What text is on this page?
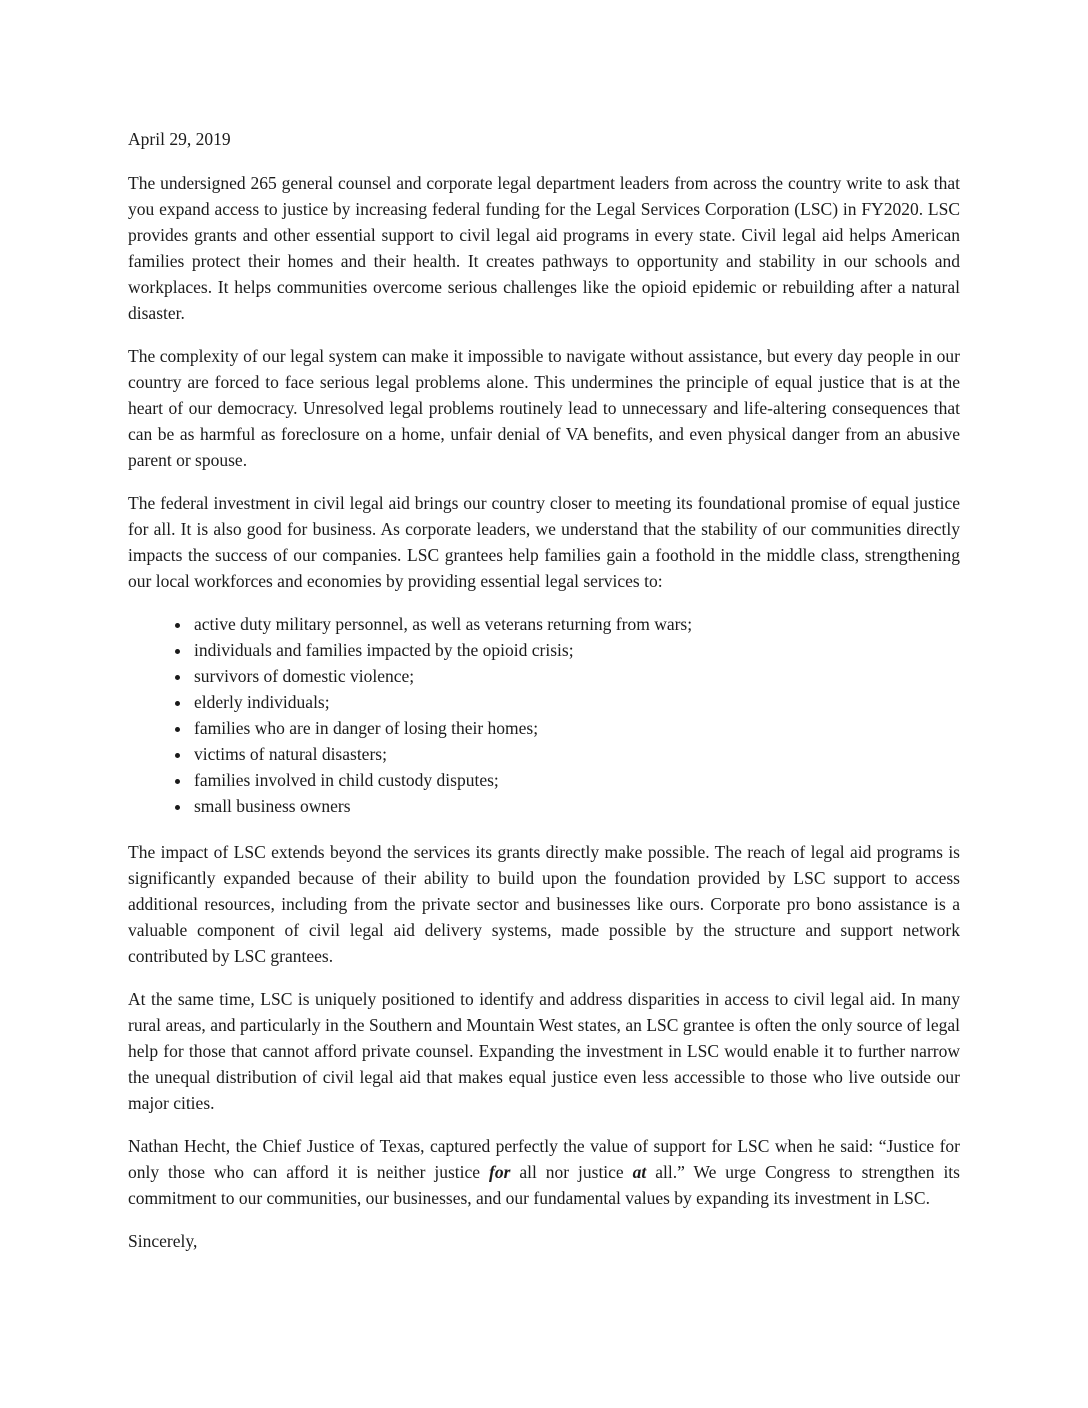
April 29, 2019

The undersigned 265 general counsel and corporate legal department leaders from across the country write to ask that you expand access to justice by increasing federal funding for the Legal Services Corporation (LSC) in FY2020. LSC provides grants and other essential support to civil legal aid programs in every state. Civil legal aid helps American families protect their homes and their health. It creates pathways to opportunity and stability in our schools and workplaces. It helps communities overcome serious challenges like the opioid epidemic or rebuilding after a natural disaster.

The complexity of our legal system can make it impossible to navigate without assistance, but every day people in our country are forced to face serious legal problems alone. This undermines the principle of equal justice that is at the heart of our democracy. Unresolved legal problems routinely lead to unnecessary and life-altering consequences that can be as harmful as foreclosure on a home, unfair denial of VA benefits, and even physical danger from an abusive parent or spouse.

The federal investment in civil legal aid brings our country closer to meeting its foundational promise of equal justice for all. It is also good for business. As corporate leaders, we understand that the stability of our communities directly impacts the success of our companies. LSC grantees help families gain a foothold in the middle class, strengthening our local workforces and economies by providing essential legal services to:

• active duty military personnel, as well as veterans returning from wars;
• individuals and families impacted by the opioid crisis;
• survivors of domestic violence;
• elderly individuals;
• families who are in danger of losing their homes;
• victims of natural disasters;
• families involved in child custody disputes;
• small business owners

The impact of LSC extends beyond the services its grants directly make possible. The reach of legal aid programs is significantly expanded because of their ability to build upon the foundation provided by LSC support to access additional resources, including from the private sector and businesses like ours. Corporate pro bono assistance is a valuable component of civil legal aid delivery systems, made possible by the structure and support network contributed by LSC grantees.

At the same time, LSC is uniquely positioned to identify and address disparities in access to civil legal aid. In many rural areas, and particularly in the Southern and Mountain West states, an LSC grantee is often the only source of legal help for those that cannot afford private counsel. Expanding the investment in LSC would enable it to further narrow the unequal distribution of civil legal aid that makes equal justice even less accessible to those who live outside our major cities.

Nathan Hecht, the Chief Justice of Texas, captured perfectly the value of support for LSC when he said: “Justice for only those who can afford it is neither justice for all nor justice at all.” We urge Congress to strengthen its commitment to our communities, our businesses, and our fundamental values by expanding its investment in LSC.

Sincerely,
